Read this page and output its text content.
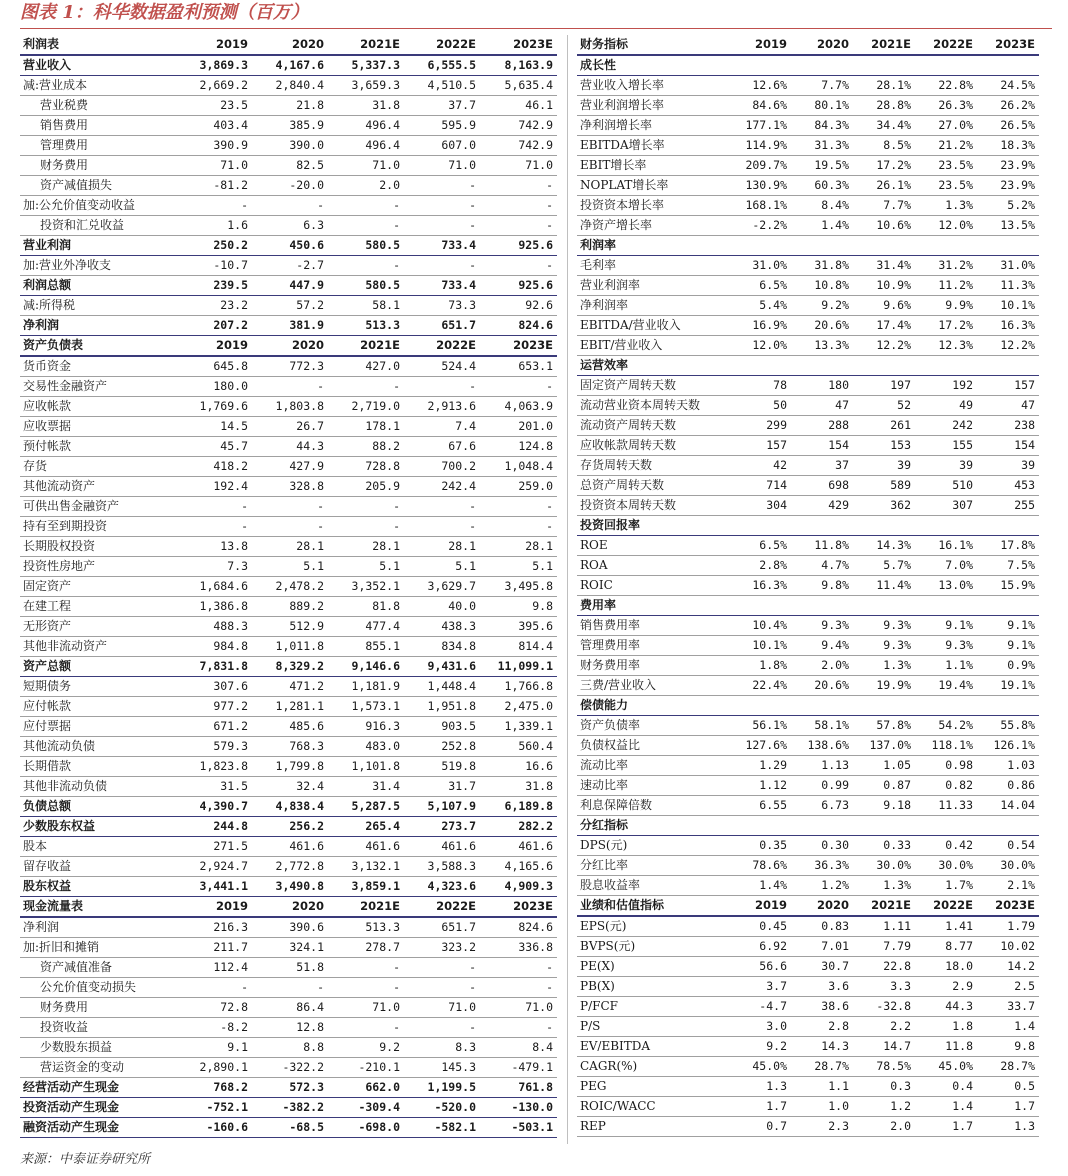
图表 1：科华数据盈利预测（百万）
利润表	2019	2020	2021E	2022E	2023E
营业收入	3,869.3	4,167.6	5,337.3	6,555.5	8,163.9
减:营业成本	2,669.2	2,840.4	3,659.3	4,510.5	5,635.4
营业税费	23.5	21.8	31.8	37.7	46.1
销售费用	403.4	385.9	496.4	595.9	742.9
管理费用	390.9	390.0	496.4	607.0	742.9
财务费用	71.0	82.5	71.0	71.0	71.0
资产减值损失	-81.2	-20.0	2.0	-	-
加:公允价值变动收益	-	-	-	-	-
投资和汇兑收益	1.6	6.3	-	-	-
营业利润	250.2	450.6	580.5	733.4	925.6
加:营业外净收支	-10.7	-2.7	-	-	-
利润总额	239.5	447.9	580.5	733.4	925.6
减:所得税	23.2	57.2	58.1	73.3	92.6
净利润	207.2	381.9	513.3	651.7	824.6
资产负债表	2019	2020	2021E	2022E	2023E
货币资金	645.8	772.3	427.0	524.4	653.1
交易性金融资产	180.0	-	-	-	-
应收帐款	1,769.6	1,803.8	2,719.0	2,913.6	4,063.9
应收票据	14.5	26.7	178.1	7.4	201.0
预付帐款	45.7	44.3	88.2	67.6	124.8
存货	418.2	427.9	728.8	700.2	1,048.4
其他流动资产	192.4	328.8	205.9	242.4	259.0
可供出售金融资产	-	-	-	-	-
持有至到期投资	-	-	-	-	-
长期股权投资	13.8	28.1	28.1	28.1	28.1
投资性房地产	7.3	5.1	5.1	5.1	5.1
固定资产	1,684.6	2,478.2	3,352.1	3,629.7	3,495.8
在建工程	1,386.8	889.2	81.8	40.0	9.8
无形资产	488.3	512.9	477.4	438.3	395.6
其他非流动资产	984.8	1,011.8	855.1	834.8	814.4
资产总额	7,831.8	8,329.2	9,146.6	9,431.6	11,099.1
短期债务	307.6	471.2	1,181.9	1,448.4	1,766.8
应付帐款	977.2	1,281.1	1,573.1	1,951.8	2,475.0
应付票据	671.2	485.6	916.3	903.5	1,339.1
其他流动负债	579.3	768.3	483.0	252.8	560.4
长期借款	1,823.8	1,799.8	1,101.8	519.8	16.6
其他非流动负债	31.5	32.4	31.4	31.7	31.8
负债总额	4,390.7	4,838.4	5,287.5	5,107.9	6,189.8
少数股东权益	244.8	256.2	265.4	273.7	282.2
股本	271.5	461.6	461.6	461.6	461.6
留存收益	2,924.7	2,772.8	3,132.1	3,588.3	4,165.6
股东权益	3,441.1	3,490.8	3,859.1	4,323.6	4,909.3
现金流量表	2019	2020	2021E	2022E	2023E
净利润	216.3	390.6	513.3	651.7	824.6
加:折旧和摊销	211.7	324.1	278.7	323.2	336.8
资产减值准备	112.4	51.8	-	-	-
公允价值变动损失	-	-	-	-	-
财务费用	72.8	86.4	71.0	71.0	71.0
投资收益	-8.2	12.8	-	-	-
少数股东损益	9.1	8.8	9.2	8.3	8.4
营运资金的变动	2,890.1	-322.2	-210.1	145.3	-479.1
经营活动产生现金	768.2	572.3	662.0	1,199.5	761.8
投资活动产生现金	-752.1	-382.2	-309.4	-520.0	-130.0
融资活动产生现金	-160.6	-68.5	-698.0	-582.1	-503.1
财务指标	2019	2020	2021E	2022E	2023E
成长性					
营业收入增长率	12.6%	7.7%	28.1%	22.8%	24.5%
营业利润增长率	84.6%	80.1%	28.8%	26.3%	26.2%
净利润增长率	177.1%	84.3%	34.4%	27.0%	26.5%
EBITDA增长率	114.9%	31.3%	8.5%	21.2%	18.3%
EBIT增长率	209.7%	19.5%	17.2%	23.5%	23.9%
NOPLAT增长率	130.9%	60.3%	26.1%	23.5%	23.9%
投资资本增长率	168.1%	8.4%	7.7%	1.3%	5.2%
净资产增长率	-2.2%	1.4%	10.6%	12.0%	13.5%
利润率					
毛利率	31.0%	31.8%	31.4%	31.2%	31.0%
营业利润率	6.5%	10.8%	10.9%	11.2%	11.3%
净利润率	5.4%	9.2%	9.6%	9.9%	10.1%
EBITDA/营业收入	16.9%	20.6%	17.4%	17.2%	16.3%
EBIT/营业收入	12.0%	13.3%	12.2%	12.3%	12.2%
运营效率					
固定资产周转天数	78	180	197	192	157
流动营业资本周转天数	50	47	52	49	47
流动资产周转天数	299	288	261	242	238
应收帐款周转天数	157	154	153	155	154
存货周转天数	42	37	39	39	39
总资产周转天数	714	698	589	510	453
投资资本周转天数	304	429	362	307	255
投资回报率					
ROE	6.5%	11.8%	14.3%	16.1%	17.8%
ROA	2.8%	4.7%	5.7%	7.0%	7.5%
ROIC	16.3%	9.8%	11.4%	13.0%	15.9%
费用率					
销售费用率	10.4%	9.3%	9.3%	9.1%	9.1%
管理费用率	10.1%	9.4%	9.3%	9.3%	9.1%
财务费用率	1.8%	2.0%	1.3%	1.1%	0.9%
三费/营业收入	22.4%	20.6%	19.9%	19.4%	19.1%
偿债能力					
资产负债率	56.1%	58.1%	57.8%	54.2%	55.8%
负债权益比	127.6%	138.6%	137.0%	118.1%	126.1%
流动比率	1.29	1.13	1.05	0.98	1.03
速动比率	1.12	0.99	0.87	0.82	0.86
利息保障倍数	6.55	6.73	9.18	11.33	14.04
分红指标					
DPS(元)	0.35	0.30	0.33	0.42	0.54
分红比率	78.6%	36.3%	30.0%	30.0%	30.0%
股息收益率	1.4%	1.2%	1.3%	1.7%	2.1%
业绩和估值指标	2019	2020	2021E	2022E	2023E
EPS(元)	0.45	0.83	1.11	1.41	1.79
BVPS(元)	6.92	7.01	7.79	8.77	10.02
PE(X)	56.6	30.7	22.8	18.0	14.2
PB(X)	3.7	3.6	3.3	2.9	2.5
P/FCF	-4.7	38.6	-32.8	44.3	33.7
P/S	3.0	2.8	2.2	1.8	1.4
EV/EBITDA	9.2	14.3	14.7	11.8	9.8
CAGR(%)	45.0%	28.7%	78.5%	45.0%	28.7%
PEG	1.3	1.1	0.3	0.4	0.5
ROIC/WACC	1.7	1.0	1.2	1.4	1.7
REP	0.7	2.3	2.0	1.7	1.3
来源：中泰证券研究所
